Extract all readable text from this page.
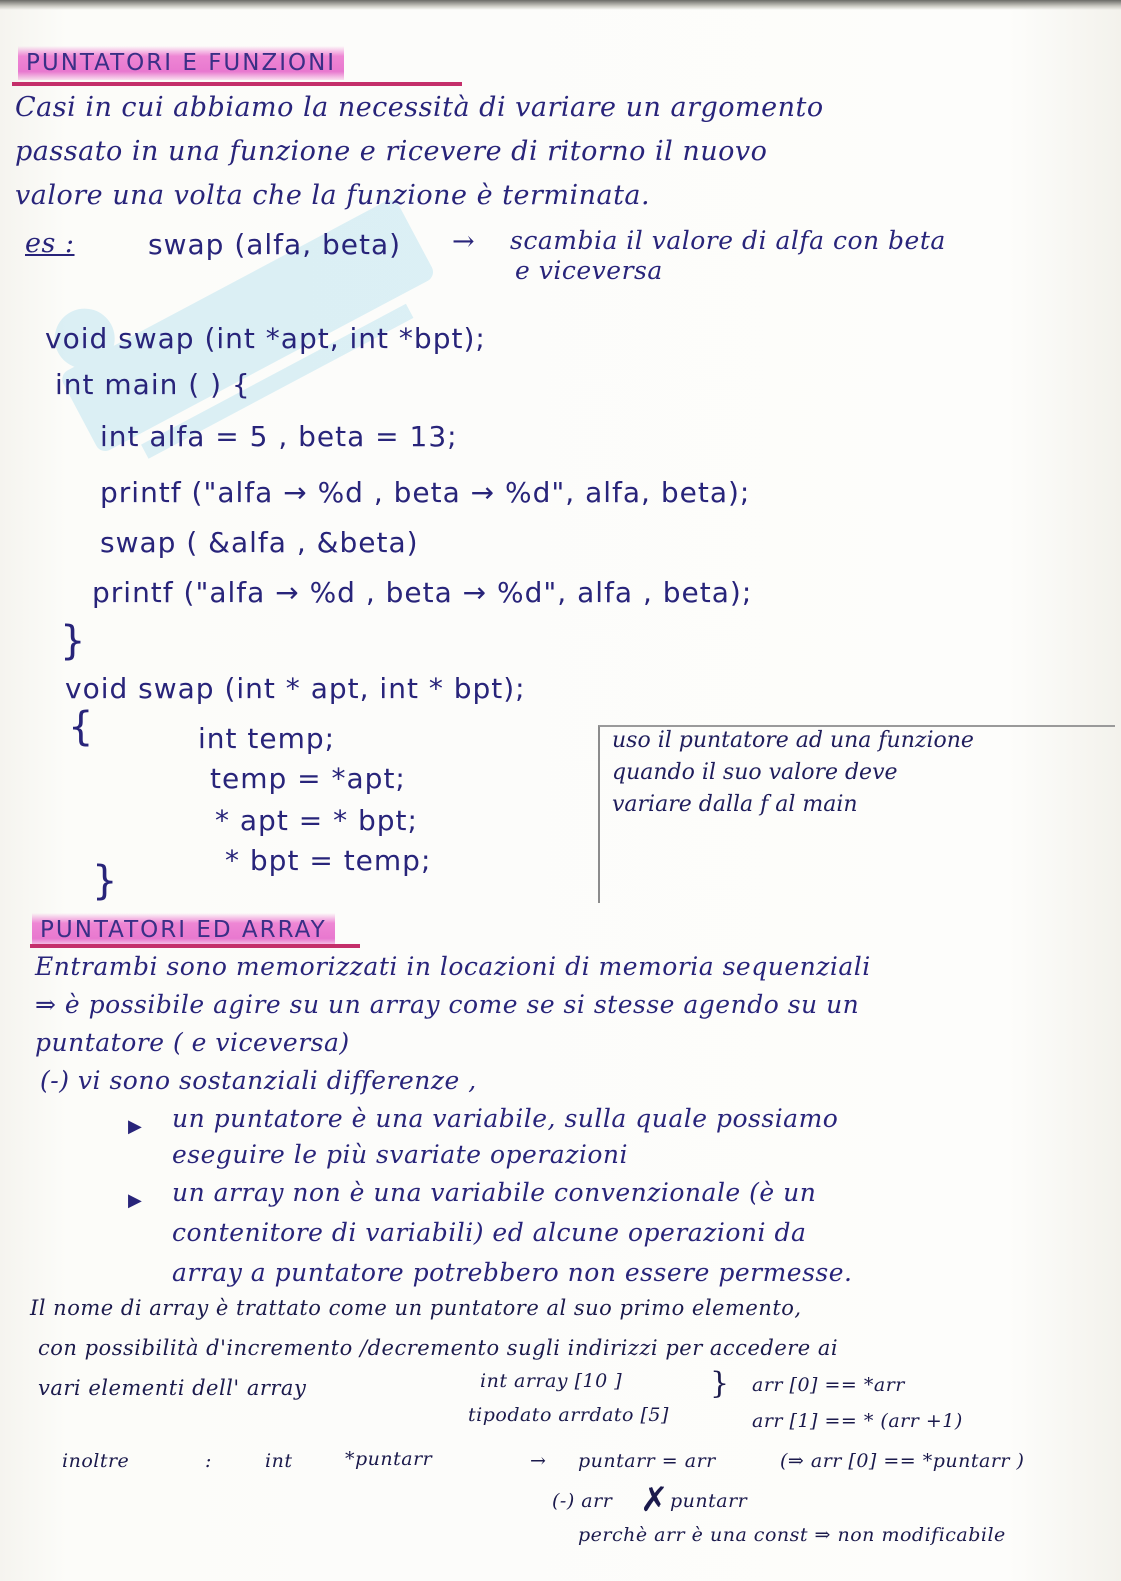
PUNTATORI E FUNZIONI
Casi in cui abbiamo la necessità di variare un argomento
passato in una funzione e ricevere di ritorno il nuovo
valore una volta che la funzione è terminata.
es :	swap (alfa, beta) → scambia il valore di alfa con beta
e viceversa
void swap (int *apt, int *bpt);
int main ( ) {
int alfa = 5 , beta = 13;
printf ("alfa → %d , beta → %d", alfa, beta);
swap ( &alfa , &beta)
printf ("alfa → %d , beta → %d", alfa , beta);
}
void swap (int * apt, int * bpt);
{	int temp;
temp = *apt;
* apt = * bpt;
* bpt = temp;
}
uso il puntatore ad una funzione
quando il suo valore deve
variare dalla f al main
PUNTATORI ED ARRAY
Entrambi sono memorizzati in locazioni di memoria sequenziali
⇒ è possibile agire su un array come se si stesse agendo su un
puntatore ( e viceversa)
(-) vi sono sostanziali differenze ,
▶ un puntatore è una variabile, sulla quale possiamo
eseguire le più svariate operazioni
▶ un array non è una variabile convenzionale (è un
contenitore di variabili) ed alcune operazioni da
array a puntatore potrebbero non essere permesse.
Il nome di array è trattato come un puntatore al suo primo elemento,
con possibilità d'incremento /decremento sugli indirizzi per accedere ai
vari elementi dell' array	int array [10 ]
tipodato arrdato [5]
} arr [0] == *arr
arr [1] == * (arr +1)
inoltre	:	int	*puntarr	→ puntarr = arr	(⇒ arr [0] == *puntarr )
(-) arr ✗ puntarr
perchè arr è una const ⇒ non modificabile
